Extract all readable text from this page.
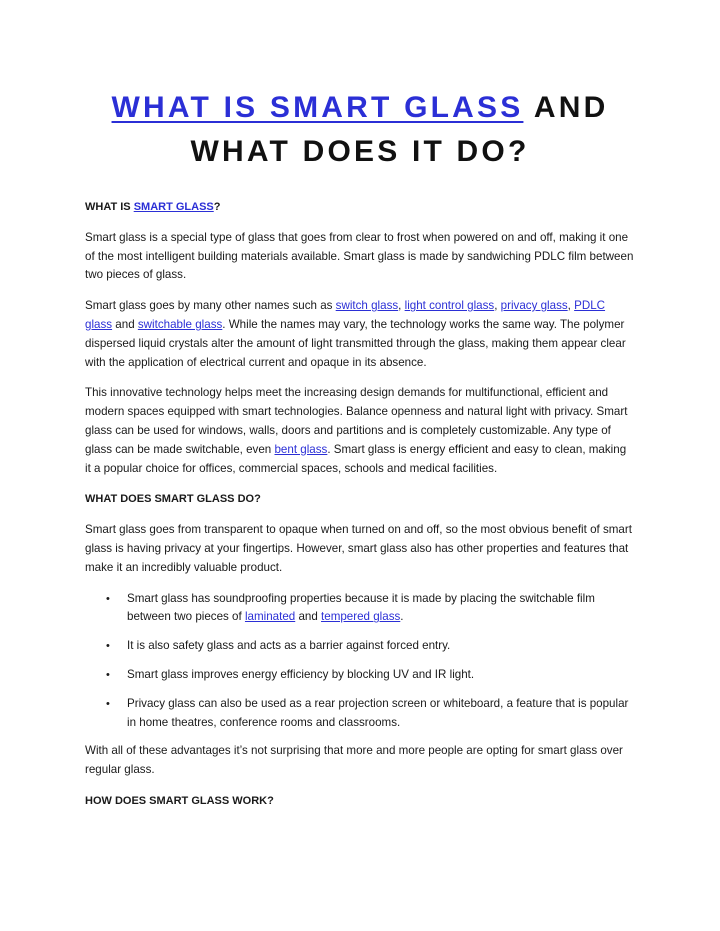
WHAT IS SMART GLASS AND
WHAT DOES IT DO?

WHAT IS SMART GLASS?

Smart glass is a special type of glass that goes from clear to frost when powered on and off, making it one of the most intelligent building materials available. Smart glass is made by sandwiching PDLC film between two pieces of glass.

Smart glass goes by many other names such as switch glass, light control glass, privacy glass, PDLC glass and switchable glass. While the names may vary, the technology works the same way. The polymer dispersed liquid crystals alter the amount of light transmitted through the glass, making them appear clear with the application of electrical current and opaque in its absence.

This innovative technology helps meet the increasing design demands for multifunctional, efficient and modern spaces equipped with smart technologies. Balance openness and natural light with privacy. Smart glass can be used for windows, walls, doors and partitions and is completely customizable. Any type of glass can be made switchable, even bent glass. Smart glass is energy efficient and easy to clean, making it a popular choice for offices, commercial spaces, schools and medical facilities.

WHAT DOES SMART GLASS DO?

Smart glass goes from transparent to opaque when turned on and off, so the most obvious benefit of smart glass is having privacy at your fingertips. However, smart glass also has other properties and features that make it an incredibly valuable product.

• Smart glass has soundproofing properties because it is made by placing the switchable film between two pieces of laminated and tempered glass.
• It is also safety glass and acts as a barrier against forced entry.
• Smart glass improves energy efficiency by blocking UV and IR light.
• Privacy glass can also be used as a rear projection screen or whiteboard, a feature that is popular in home theatres, conference rooms and classrooms.

With all of these advantages it’s not surprising that more and more people are opting for smart glass over regular glass.

HOW DOES SMART GLASS WORK?
